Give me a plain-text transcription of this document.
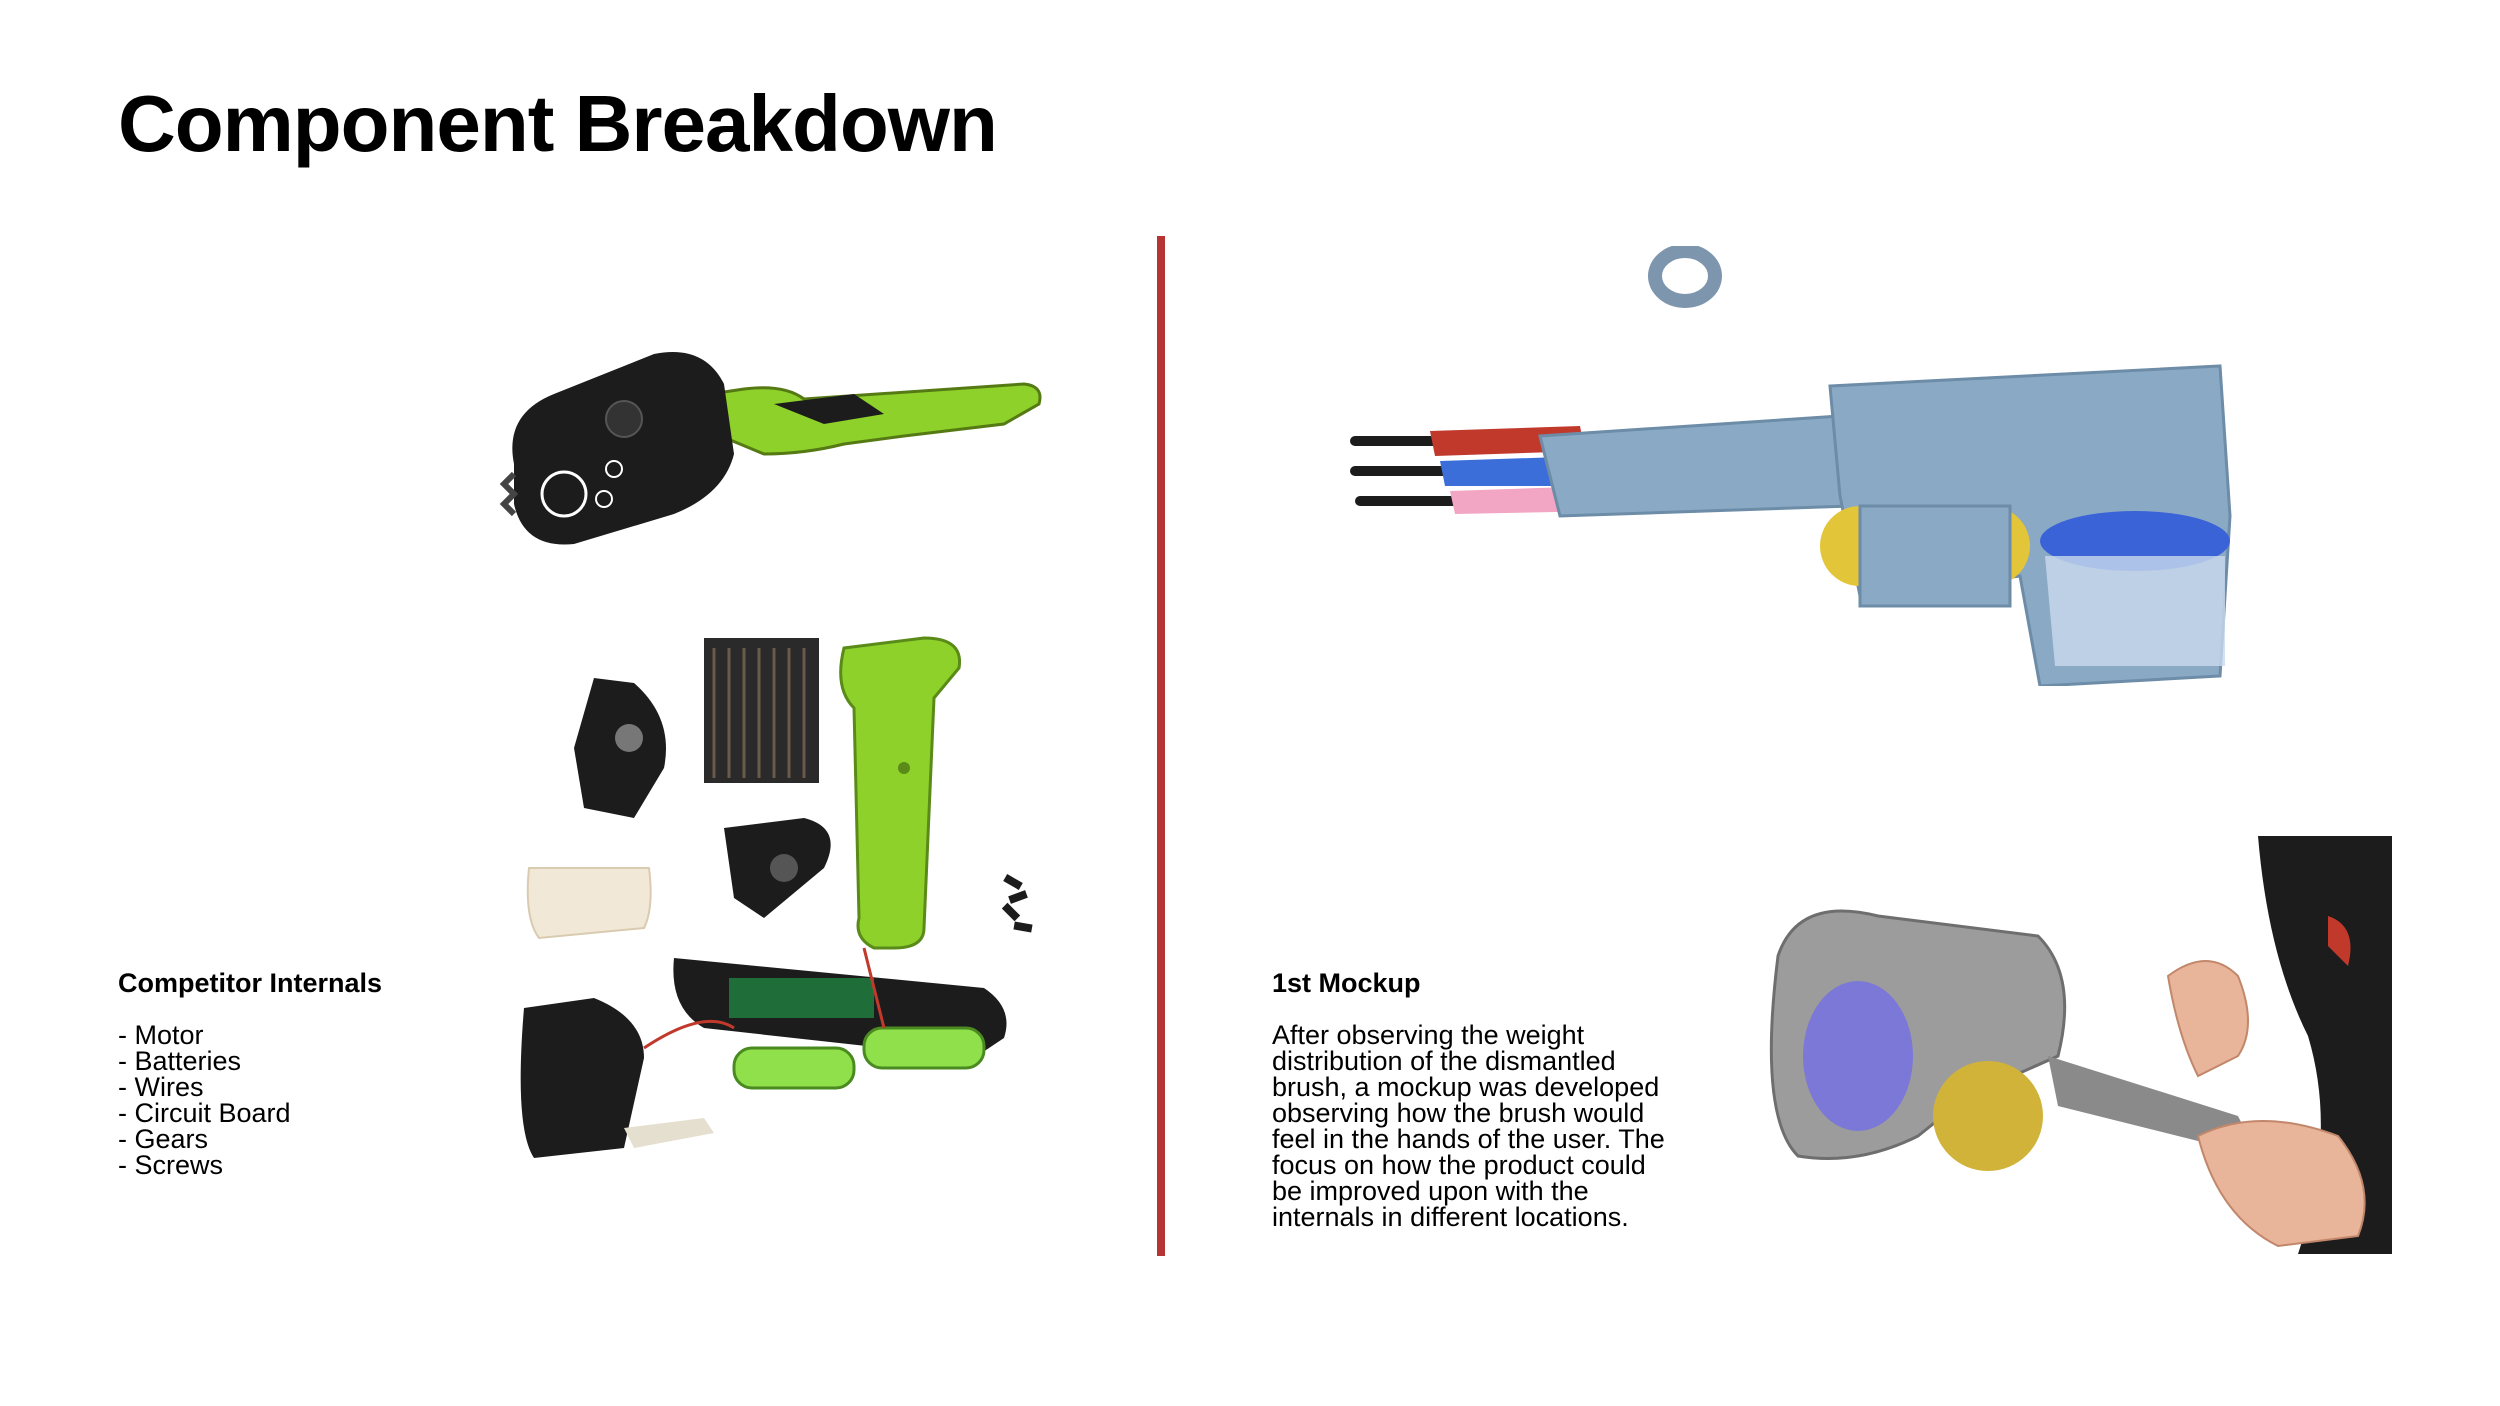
Component Breakdown
Competitor Internals
- Motor
- Batteries
- Wires
- Circuit Board
- Gears
- Screws
1st Mockup

After observing the weight distribution of the dismantled brush, a mockup was developed observing how the brush would feel in the hands of the user. The focus on how the product could be improved upon with the internals in different locations.
